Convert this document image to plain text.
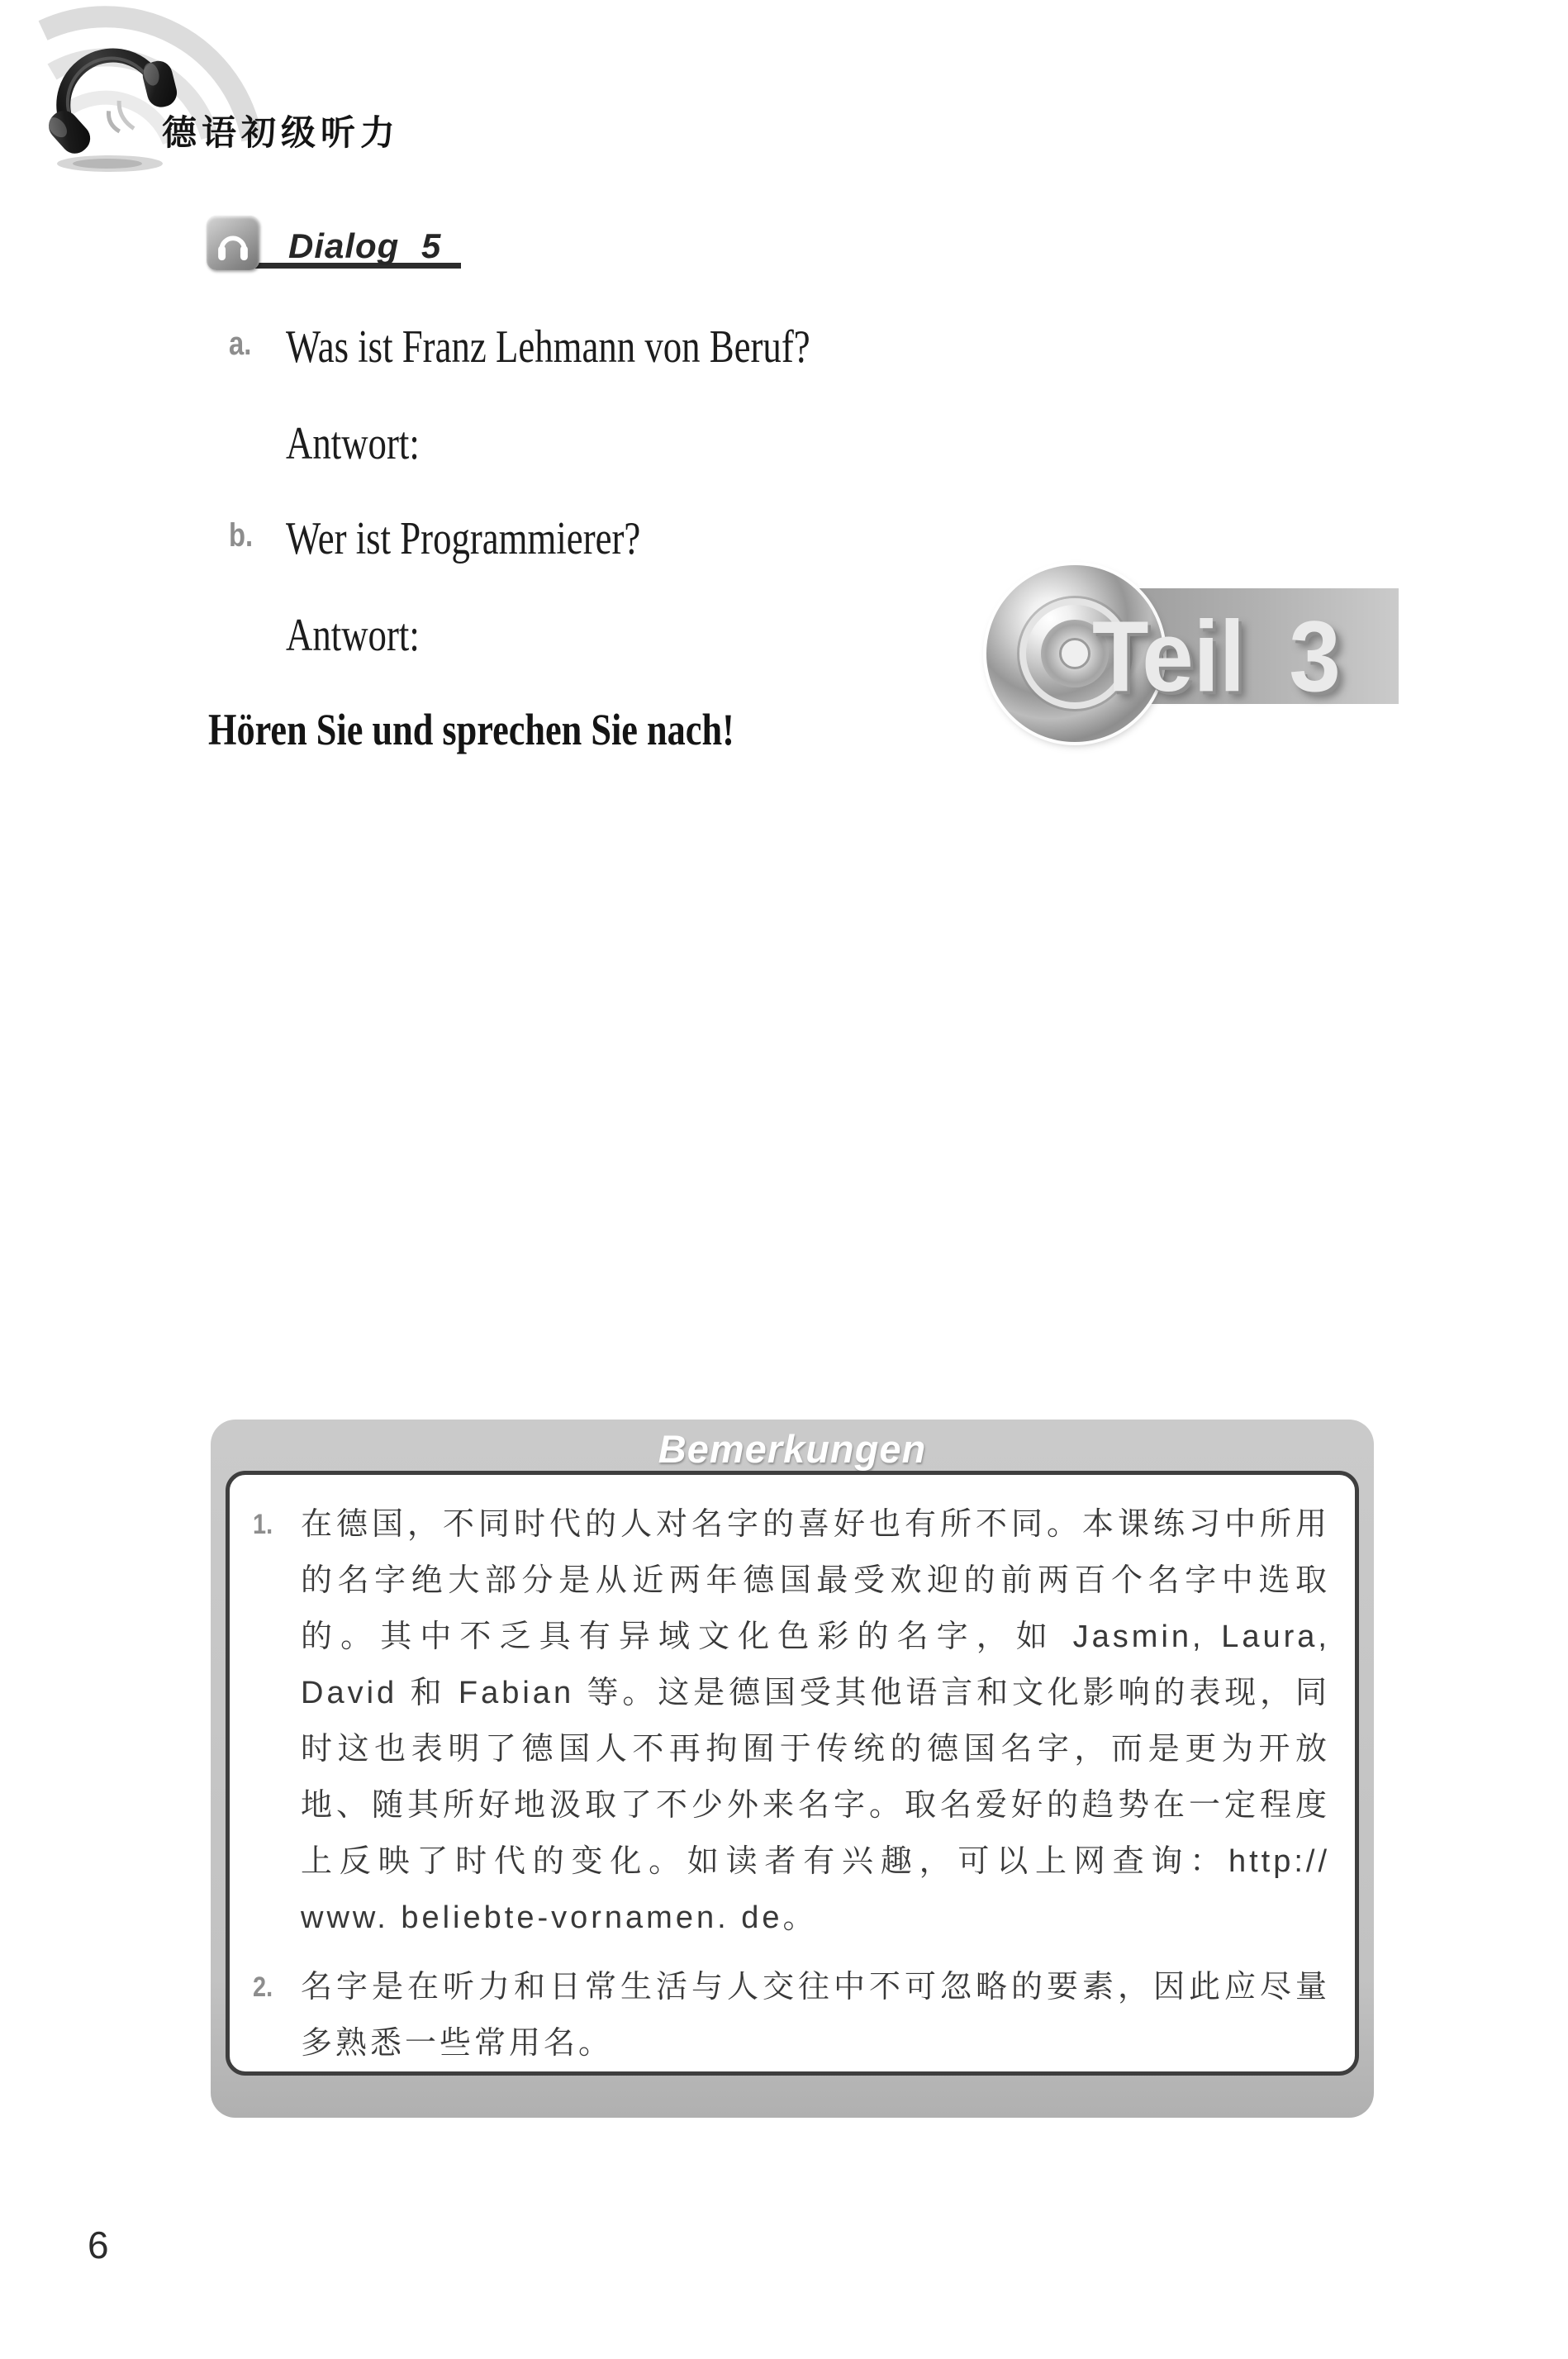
德语初级听力
Dialog 5
a. Was ist Franz Lehmann von Beruf?
Antwort:
b. Wer ist Programmierer?
Antwort:	Teil 3
Hören Sie und sprechen Sie nach!
Bemerkungen
1. 在德国，不同时代的人对名字的喜好也有所不同。本课练习中所用的名字绝大部分是从近两年德国最受欢迎的前两百个名字中选取的。其中不乏具有异域文化色彩的名字，如 Jasmin, Laura, David 和 Fabian 等。这是德国受其他语言和文化影响的表现，同时这也表明了德国人不再拘囿于传统的德国名字，而是更为开放地、随其所好地汲取了不少外来名字。取名爱好的趋势在一定程度上反映了时代的变化。如读者有兴趣，可以上网查询：http:// www. beliebte-vornamen. de。
2. 名字是在听力和日常生活与人交往中不可忽略的要素，因此应尽量多熟悉一些常用名。
6
